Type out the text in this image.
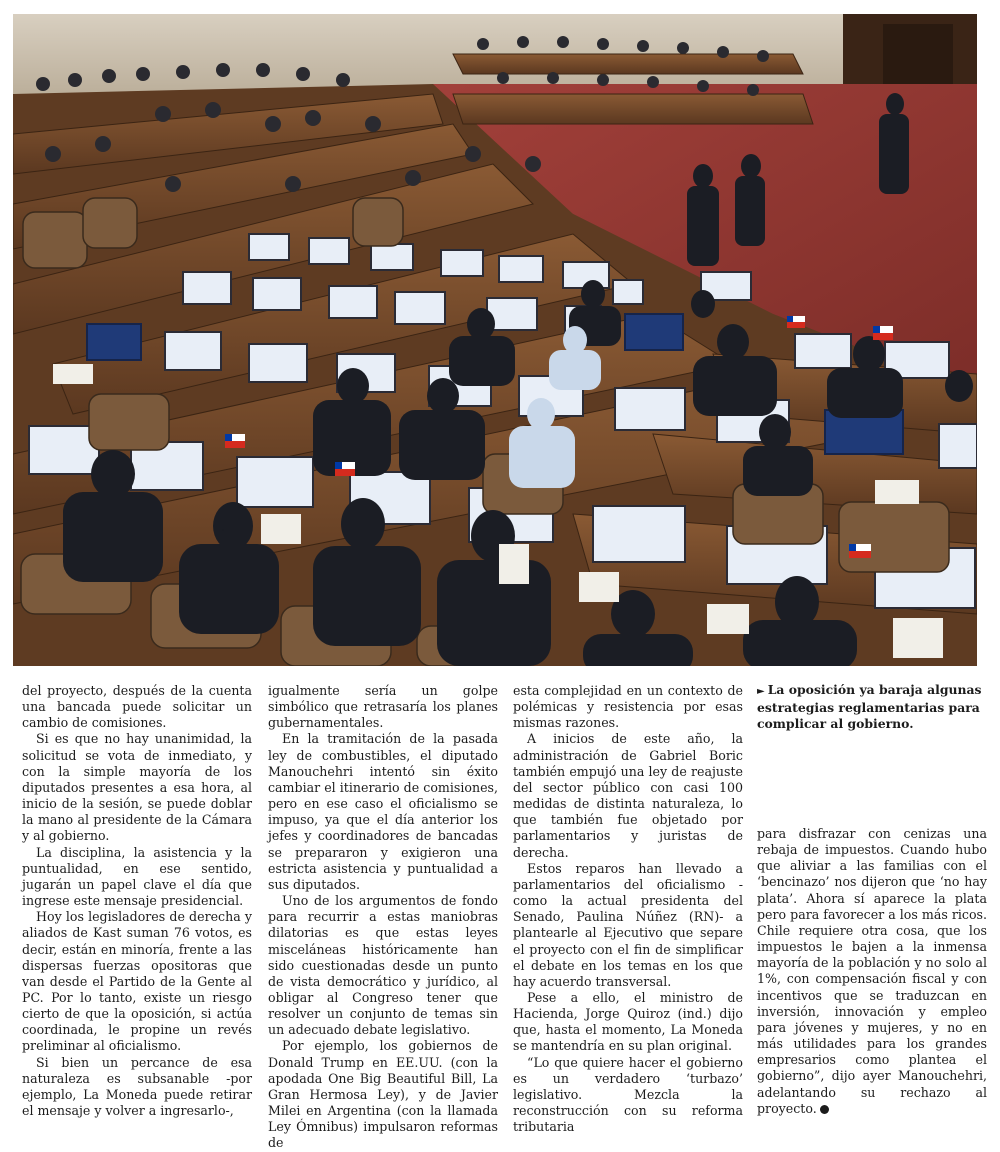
► La oposición ya baraja algunas estrategias reglamentarias para complicar al gobierno.

del proyecto, después de la cuenta una bancada puede solicitar un cambio de comisiones.

Si es que no hay unanimidad, la solicitud se vota de inmediato, y con la simple mayoría de los diputados presentes a esa hora, al inicio de la sesión, se puede doblar la mano al presidente de la Cámara y al gobierno.

La disciplina, la asistencia y la puntualidad, en ese sentido, jugarán un papel clave el día que ingrese este mensaje presidencial.

Hoy los legisladores de derecha y aliados de Kast suman 76 votos, es decir, están en minoría, frente a las dispersas fuerzas opositoras que van desde el Partido de la Gente al PC. Por lo tanto, existe un riesgo cierto de que la oposición, si actúa coordinada, le propine un revés preliminar al oficialismo.

Si bien un percance de esa naturaleza es subsanable -por ejemplo, La Moneda puede retirar el mensaje y volver a ingresarlo-,

igualmente sería un golpe simbólico que retrasaría los planes gubernamentales.

En la tramitación de la pasada ley de combustibles, el diputado Manouchehri intentó sin éxito cambiar el itinerario de comisiones, pero en ese caso el oficialismo se impuso, ya que el día anterior los jefes y coordinadores de bancadas se prepararon y exigieron una estricta asistencia y puntualidad a sus diputados.

Uno de los argumentos de fondo para recurrir a estas maniobras dilatorias es que estas leyes misceláneas históricamente han sido cuestionadas desde un punto de vista democrático y jurídico, al obligar al Congreso tener que resolver un conjunto de temas sin un adecuado debate legislativo.

Por ejemplo, los gobiernos de Donald Trump en EE.UU. (con la apodada One Big Beautiful Bill, La Gran Hermosa Ley), y de Javier Milei en Argentina (con la llamada Ley Ómnibus) impulsaron reformas de

esta complejidad en un contexto de polémicas y resistencia por esas mismas razones.

A inicios de este año, la administración de Gabriel Boric también empujó una ley de reajuste del sector público con casi 100 medidas de distinta naturaleza, lo que también fue objetado por parlamentarios y juristas de derecha.

Estos reparos han llevado a parlamentarios del oficialismo -como la actual presidenta del Senado, Paulina Núñez (RN)- a plantearle al Ejecutivo que separe el proyecto con el fin de simplificar el debate en los temas en los que hay acuerdo transversal.

Pese a ello, el ministro de Hacienda, Jorge Quiroz (ind.) dijo que, hasta el momento, La Moneda se mantendría en su plan original.

“Lo que quiere hacer el gobierno es un verdadero ‘turbazo’ legislativo. Mezcla la reconstrucción con su reforma tributaria

para disfrazar con cenizas una rebaja de impuestos. Cuando hubo que aliviar a las familias con el ‘bencinazo’ nos dijeron que ‘no hay plata’. Ahora sí aparece la plata pero para favorecer a los más ricos. Chile requiere otra cosa, que los impuestos le bajen a la inmensa mayoría de la población y no solo al 1%, con compensación fiscal y con incentivos que se traduzcan en inversión, innovación y empleo para jóvenes y mujeres, y no en más utilidades para los grandes empresarios como plantea el gobierno”, dijo ayer Manouchehri, adelantando su rechazo al proyecto.
